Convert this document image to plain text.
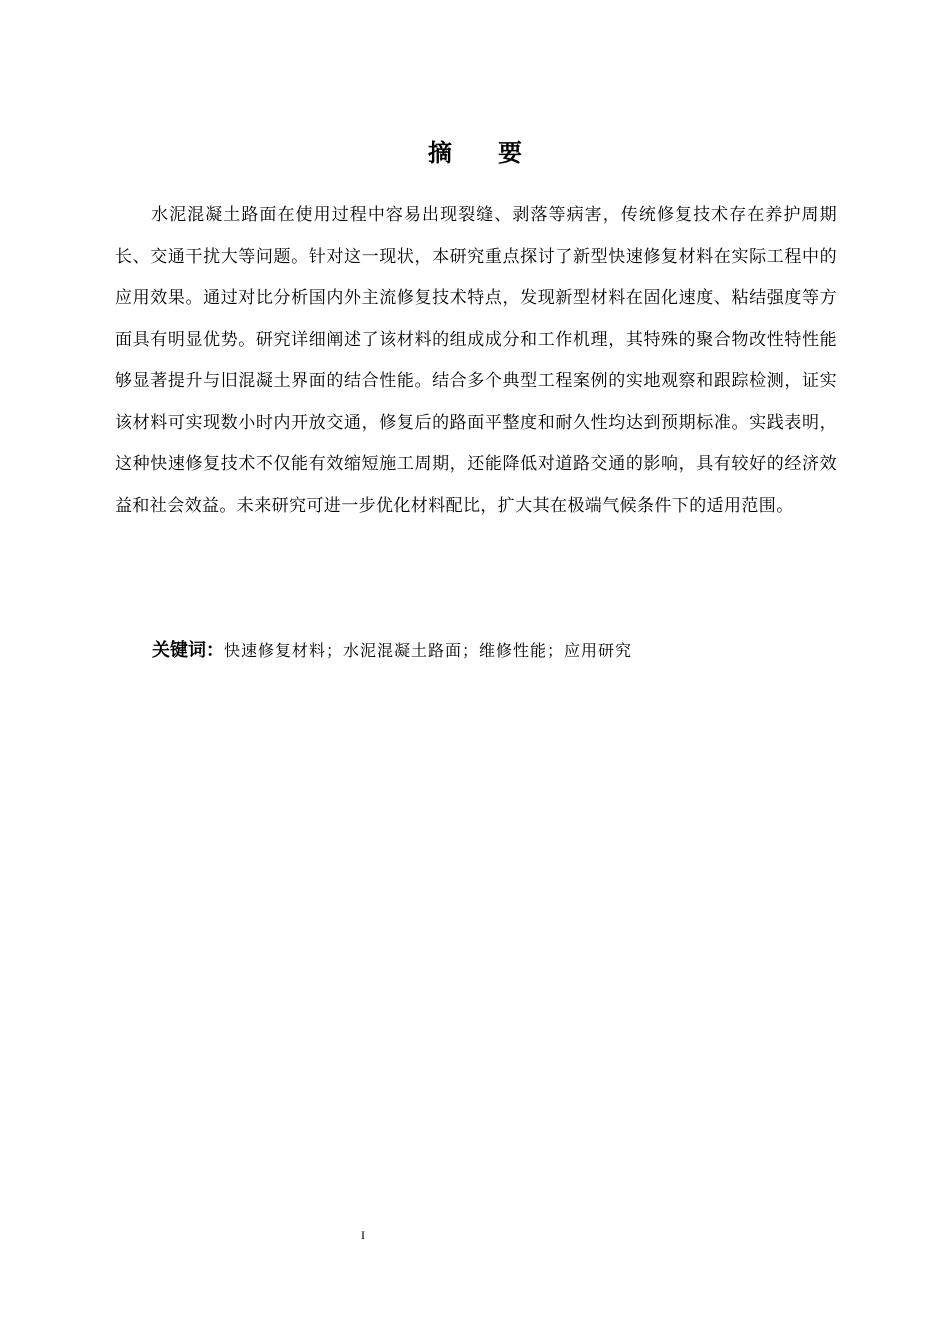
摘 要

水泥混凝土路面在使用过程中容易出现裂缝、剥落等病害，传统修复技术存在养护周期长、交通干扰大等问题。针对这一现状，本研究重点探讨了新型快速修复材料在实际工程中的应用效果。通过对比分析国内外主流修复技术特点，发现新型材料在固化速度、粘结强度等方面具有明显优势。研究详细阐述了该材料的组成成分和工作机理，其特殊的聚合物改性特性能够显著提升与旧混凝土界面的结合性能。结合多个典型工程案例的实地观察和跟踪检测，证实该材料可实现数小时内开放交通，修复后的路面平整度和耐久性均达到预期标准。实践表明，这种快速修复技术不仅能有效缩短施工周期，还能降低对道路交通的影响，具有较好的经济效益和社会效益。未来研究可进一步优化材料配比，扩大其在极端气候条件下的适用范围。

关键词：快速修复材料；水泥混凝土路面；维修性能；应用研究
I
